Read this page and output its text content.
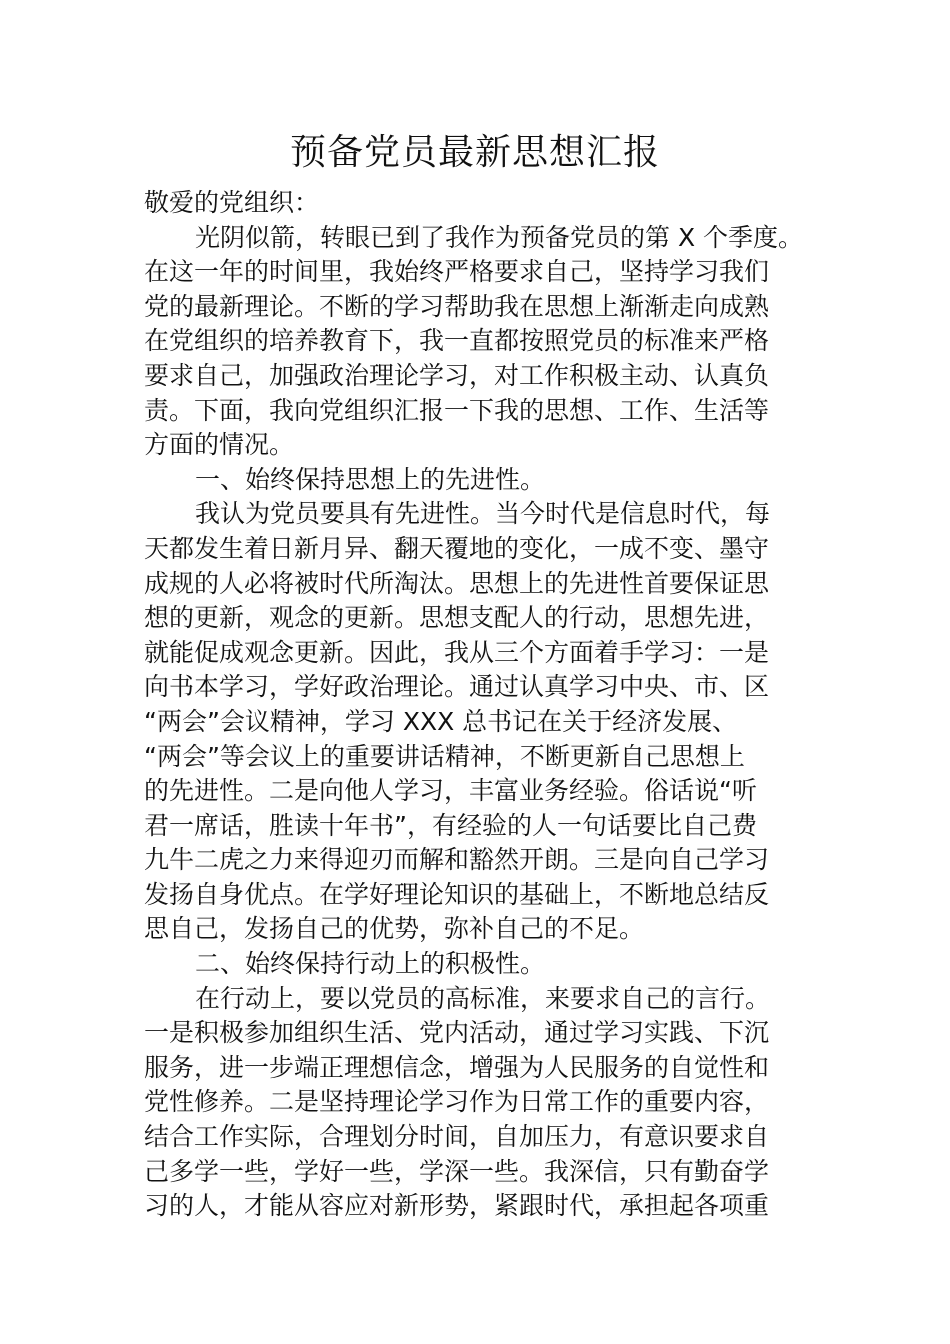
预备党员最新思想汇报
敬爱的党组织：
光阴似箭，转眼已到了我作为预备党员的第 X 个季度。
在这一年的时间里，我始终严格要求自己，坚持学习我们
党的最新理论。不断的学习帮助我在思想上渐渐走向成熟
在党组织的培养教育下，我一直都按照党员的标准来严格
要求自己，加强政治理论学习，对工作积极主动、认真负
责。下面，我向党组织汇报一下我的思想、工作、生活等
方面的情况。
一、始终保持思想上的先进性。
我认为党员要具有先进性。当今时代是信息时代，每
天都发生着日新月异、翻天覆地的变化，一成不变、墨守
成规的人必将被时代所淘汰。思想上的先进性首要保证思
想的更新，观念的更新。思想支配人的行动，思想先进，
就能促成观念更新。因此，我从三个方面着手学习：一是
向书本学习，学好政治理论。通过认真学习中央、市、区
“两会”会议精神，学习 XXX 总书记在关于经济发展、
“两会”等会议上的重要讲话精神，不断更新自己思想上
的先进性。二是向他人学习，丰富业务经验。俗话说“听
君一席话，胜读十年书”，有经验的人一句话要比自己费
九牛二虎之力来得迎刃而解和豁然开朗。三是向自己学习
发扬自身优点。在学好理论知识的基础上，不断地总结反
思自己，发扬自己的优势，弥补自己的不足。
二、始终保持行动上的积极性。
在行动上，要以党员的高标准，来要求自己的言行。
一是积极参加组织生活、党内活动，通过学习实践、下沉
服务，进一步端正理想信念，增强为人民服务的自觉性和
党性修养。二是坚持理论学习作为日常工作的重要内容，
结合工作实际，合理划分时间，自加压力，有意识要求自
己多学一些，学好一些，学深一些。我深信，只有勤奋学
习的人，才能从容应对新形势，紧跟时代，承担起各项重
